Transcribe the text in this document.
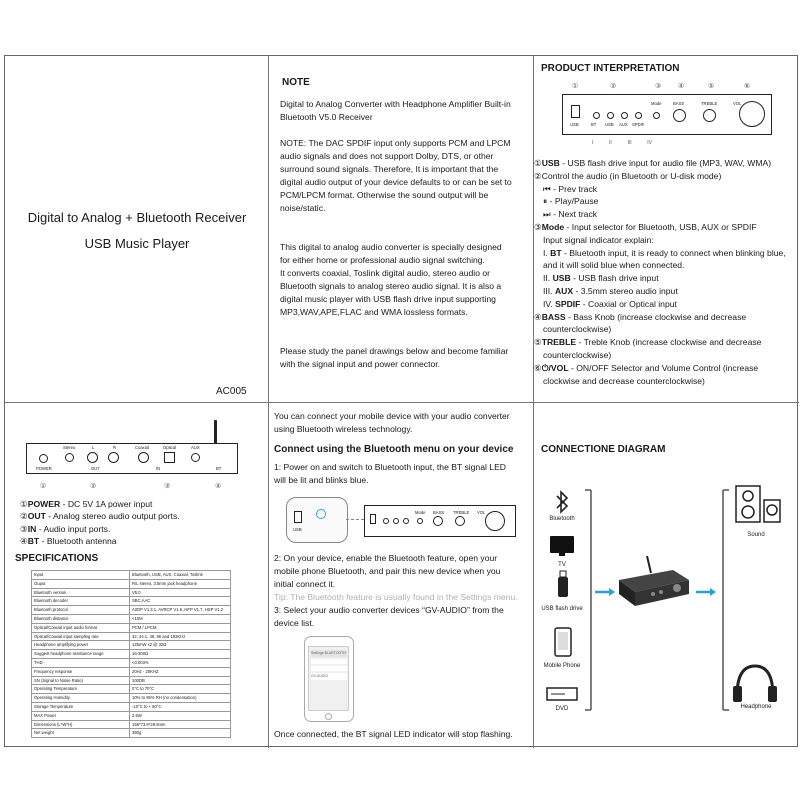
Digital to Analog + Bluetooth Receiver
USB Music Player
AC005
NOTE
Digital to Analog Converter with Headphone Amplifier Built-in
Bluetooth V5.0 Receiver
NOTE: The DAC SPDIF input only supports PCM and LPCM
audio signals and does not support Dolby, DTS, or other
surround sound signals. Therefore, It is important that the
digital audio output of your device defaults to or can be set to
PCM/LPCM format. Otherwise the sound output will be
noise/static.
This digital to analog audio converter is specially designed
for either home or professional audio signal switching.
It converts coaxial, Toslink digital audio, stereo audio or
Bluetooth signals to analog stereo audio signal. It is also a
digital music player with USB flash drive input supporting
MP3,WAV,APE,FLAC and WMA lossless formats.
Please study the panel drawings below and become familiar
with the signal input and power connector.
PRODUCT INTERPRETATION
①	②	③ ④	⑤	⑥
USB
Mode	BASS	TREBLE	VOL
BT USB AUX SPDIF
I	II	III	IV
①USB - USB flash drive input for audio file (MP3, WAV, WMA)
②Control the audio (in Bluetooth or U-disk mode)
⏮ - Prev track
⏸ - Play/Pause
⏭ - Next track
③Mode - Input selector for Bluetooth, USB, AUX or SPDIF
Input signal indicator explain:
I. BT - Bluetooth input, it is ready to connect when blinking blue,
and it will solid blue when connected.
II. USB - USB flash drive input
III. AUX - 3.5mm stereo audio input
IV. SPDIF - Coaxial or Optical input
④BASS - Bass Knob (increase clockwise and decrease
counterclockwise)
⑤TREBLE - Treble Knob (increase clockwise and decrease
counterclockwise)
⑥⏻/VOL - ON/OFF Selector and Volume Control (increase
clockwise and decrease counterclockwise)
POWER
Stereo	L	R
OUT
Coaxial	Optical
IN
AUX
BT
①	②	③	④
①POWER - DC 5V 1A power input
②OUT - Analog stereo audio output ports.
③IN - Audio input ports.
④BT - Bluetooth antenna
SPECIFICATIONS
Input	Bluetooth, USB, AUX, Coaxial, Toslink
Ouput	R/L stereo, 3.5mm jack headphone
Bluetooth version	V5.0
Bluetooth decoder	SBC,AAC
Bluetooth protocol	A2DP V1.3.1, AVRCP V1.6 ,HFP V1.7, HSP V1.2
Bluetooth distance	<10M
Optical/Coaxial input audio format	PCM / LPCM
Optical/Coaxial input sampling rate	32, 44.1, 48, 96 and 192KHz
Headphone amplifying power	125mW x2 @ 32Ω
Suggest headphone resistance range	16-300Ω
THD	<0.003%
Frequency response	20Hz - 20KHZ
SN (Signal to Noise Ratio)	100DB
Operating Temperature	0°C to 70°C
Operating Humidity	10% to 85% RH (no condensation)
Storage Temperature	-10°C to + 60°C
MAX Power	2.5W
Dimensions (L*W*H)	155*73.9*28.5mm
Net weight	380g
You can connect your mobile device with your audio converter
using Bluetooth wireless technology.
Connect using the Bluetooth menu on your device
1: Power on and switch to Bluetooth input, the BT signal LED
will be lit and blinks blue.
USB
Mode BASS TREBLE VOL
2: On your device, enable the Bluetooth feature, open your
mobile phone Bluetooth, and pair this new device when you
initial connect it.
Tip: The Bluetooth feature is usually found in the Settings menu.
3: Select your audio converter devices “GV-AUDIO” from the
device list.
Settings BLUETOOTH
GV-AUDIO
Once connected, the BT signal LED indicator will stop flashing.
CONNECTIONE DIAGRAM
Bluetooth
TV
USB flash drive
Mobile Phone
DVD
Sound
Headphone
